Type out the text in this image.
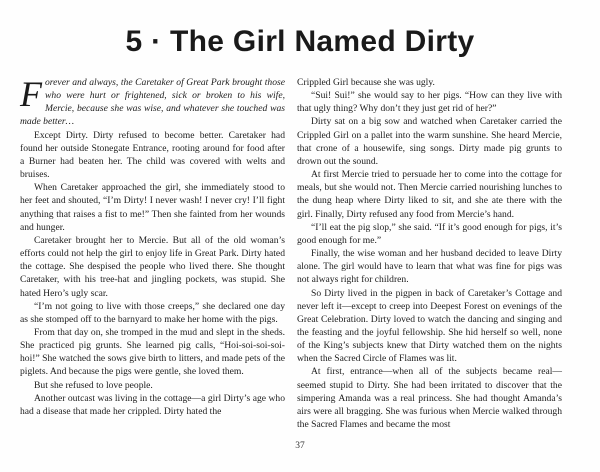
5 · The Girl Named Dirty

Forever and always, the Caretaker of Great Park brought those who were hurt or frightened, sick or broken to his wife, Mercie, because she was wise, and whatever she touched was made better…

Except Dirty. Dirty refused to become better. Caretaker had found her outside Stonegate Entrance, rooting around for food after a Burner had beaten her. The child was covered with welts and bruises.

When Caretaker approached the girl, she immediately stood to her feet and shouted, “I’m Dirty! I never wash! I never cry! I’ll fight anything that raises a fist to me!” Then she fainted from her wounds and hunger.

Caretaker brought her to Mercie. But all of the old woman’s efforts could not help the girl to enjoy life in Great Park. Dirty hated the cottage. She despised the people who lived there. She thought Caretaker, with his tree-hat and jingling pockets, was stupid. She hated Hero’s ugly scar.

“I’m not going to live with those creeps,” she declared one day as she stomped off to the barnyard to make her home with the pigs.

From that day on, she tromped in the mud and slept in the sheds. She practiced pig grunts. She learned pig calls, “Hoi-soi-soi-soi-hoi!” She watched the sows give birth to litters, and made pets of the piglets. And because the pigs were gentle, she loved them.

But she refused to love people.

Another outcast was living in the cottage—a girl Dirty’s age who had a disease that made her crippled. Dirty hated the

Crippled Girl because she was ugly.

“Sui! Sui!” she would say to her pigs. “How can they live with that ugly thing? Why don’t they just get rid of her?”

Dirty sat on a big sow and watched when Caretaker carried the Crippled Girl on a pallet into the warm sunshine. She heard Mercie, that crone of a housewife, sing songs. Dirty made pig grunts to drown out the sound.

At first Mercie tried to persuade her to come into the cottage for meals, but she would not. Then Mercie carried nourishing lunches to the dung heap where Dirty liked to sit, and she ate there with the girl. Finally, Dirty refused any food from Mercie’s hand.

“I’ll eat the pig slop,” she said. “If it’s good enough for pigs, it’s good enough for me.”

Finally, the wise woman and her husband decided to leave Dirty alone. The girl would have to learn that what was fine for pigs was not always right for children.

So Dirty lived in the pigpen in back of Caretaker’s Cottage and never left it—except to creep into Deepest Forest on evenings of the Great Celebration. Dirty loved to watch the dancing and singing and the feasting and the joyful fellowship. She hid herself so well, none of the King’s subjects knew that Dirty watched them on the nights when the Sacred Circle of Flames was lit.

At first, entrance—when all of the subjects became real—seemed stupid to Dirty. She had been irritated to discover that the simpering Amanda was a real princess. She had thought Amanda’s airs were all bragging. She was furious when Mercie walked through the Sacred Flames and became the most

37
